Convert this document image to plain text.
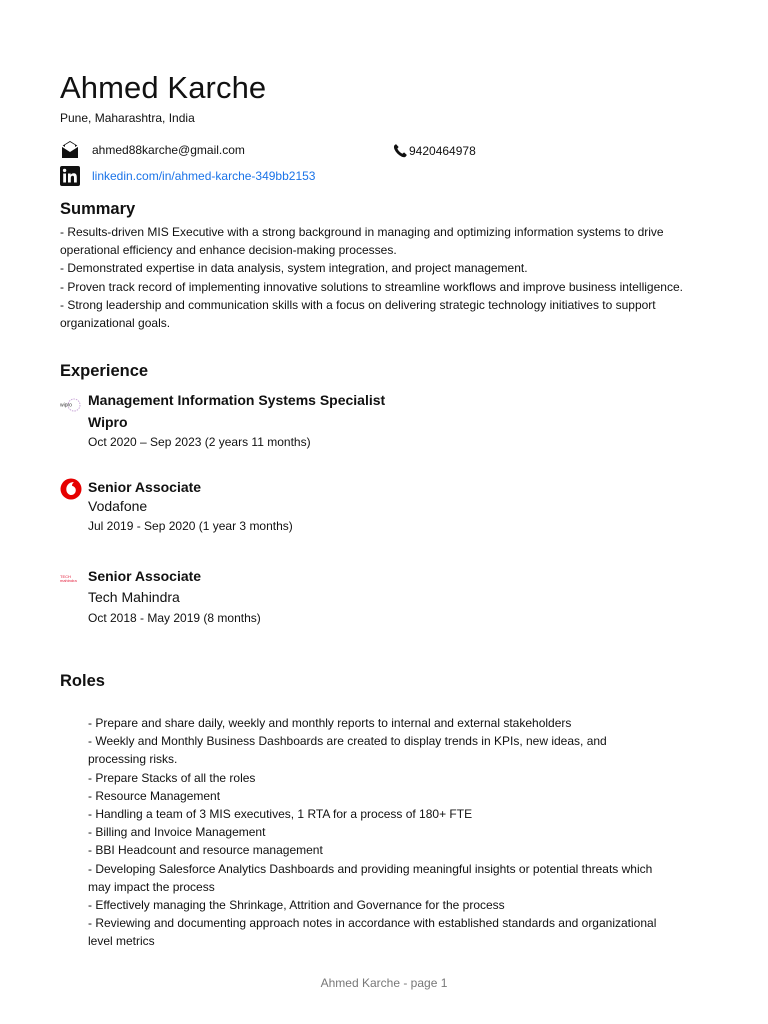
Ahmed Karche
Pune, Maharashtra, India
ahmed88karche@gmail.com	9420464978
linkedin.com/in/ahmed-karche-349bb2153
Summary
- Results-driven MIS Executive with a strong background in managing and optimizing information systems to drive operational efficiency and enhance decision-making processes.
- Demonstrated expertise in data analysis, system integration, and project management.
- Proven track record of implementing innovative solutions to streamline workflows and improve business intelligence.
- Strong leadership and communication skills with a focus on delivering strategic technology initiatives to support organizational goals.
Experience
wipro Management Information Systems Specialist
Wipro
Oct 2020 – Sep 2023 (2 years 11 months)
Senior Associate
Vodafone
Jul 2019 - Sep 2020 (1 year 3 months)
TECH
mahindra Senior Associate
Tech Mahindra
Oct 2018 - May 2019 (8 months)
Roles
- Prepare and share daily, weekly and monthly reports to internal and external stakeholders
- Weekly and Monthly Business Dashboards are created to display trends in KPIs, new ideas, and processing risks.
- Prepare Stacks of all the roles
- Resource Management
- Handling a team of 3 MIS executives, 1 RTA for a process of 180+ FTE
- Billing and Invoice Management
- BBI Headcount and resource management
- Developing Salesforce Analytics Dashboards and providing meaningful insights or potential threats which may impact the process
- Effectively managing the Shrinkage, Attrition and Governance for the process
- Reviewing and documenting approach notes in accordance with established standards and organizational level metrics
Ahmed Karche - page 1
